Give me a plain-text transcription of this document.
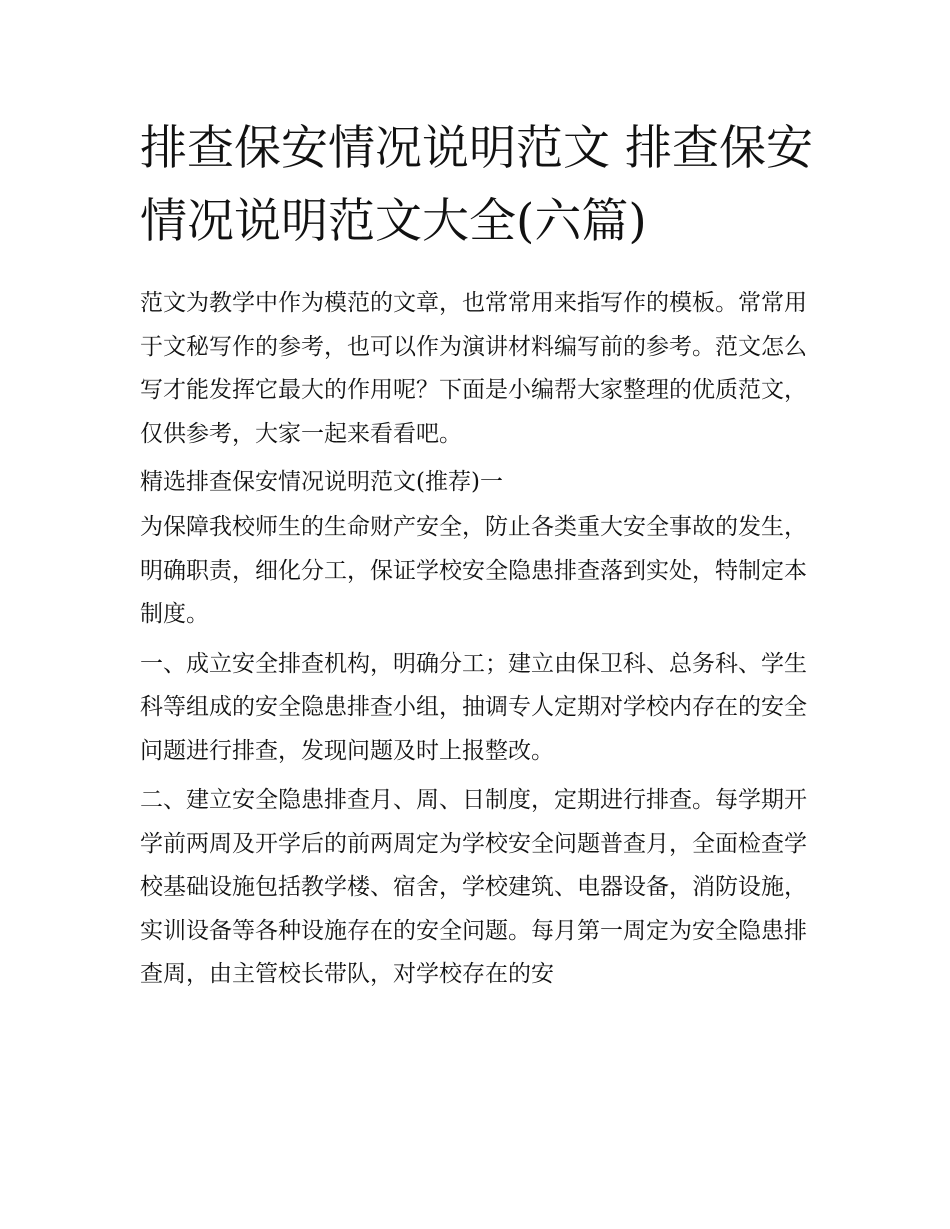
排查保安情况说明范文 排查保安情况说明范文大全(六篇)

范文为教学中作为模范的文章，也常常用来指写作的模板。常常用于文秘写作的参考，也可以作为演讲材料编写前的参考。范文怎么写才能发挥它最大的作用呢？下面是小编帮大家整理的优质范文，仅供参考，大家一起来看看吧。

精选排查保安情况说明范文(推荐)一

为保障我校师生的生命财产安全，防止各类重大安全事故的发生，明确职责，细化分工，保证学校安全隐患排查落到实处，特制定本制度。

一、成立安全排查机构，明确分工；建立由保卫科、总务科、学生科等组成的安全隐患排查小组，抽调专人定期对学校内存在的安全问题进行排查，发现问题及时上报整改。

二、建立安全隐患排查月、周、日制度，定期进行排查。每学期开学前两周及开学后的前两周定为学校安全问题普查月，全面检查学校基础设施包括教学楼、宿舍，学校建筑、电器设备，消防设施，实训设备等各种设施存在的安全问题。每月第一周定为安全隐患排查周，由主管校长带队，对学校存在的安
